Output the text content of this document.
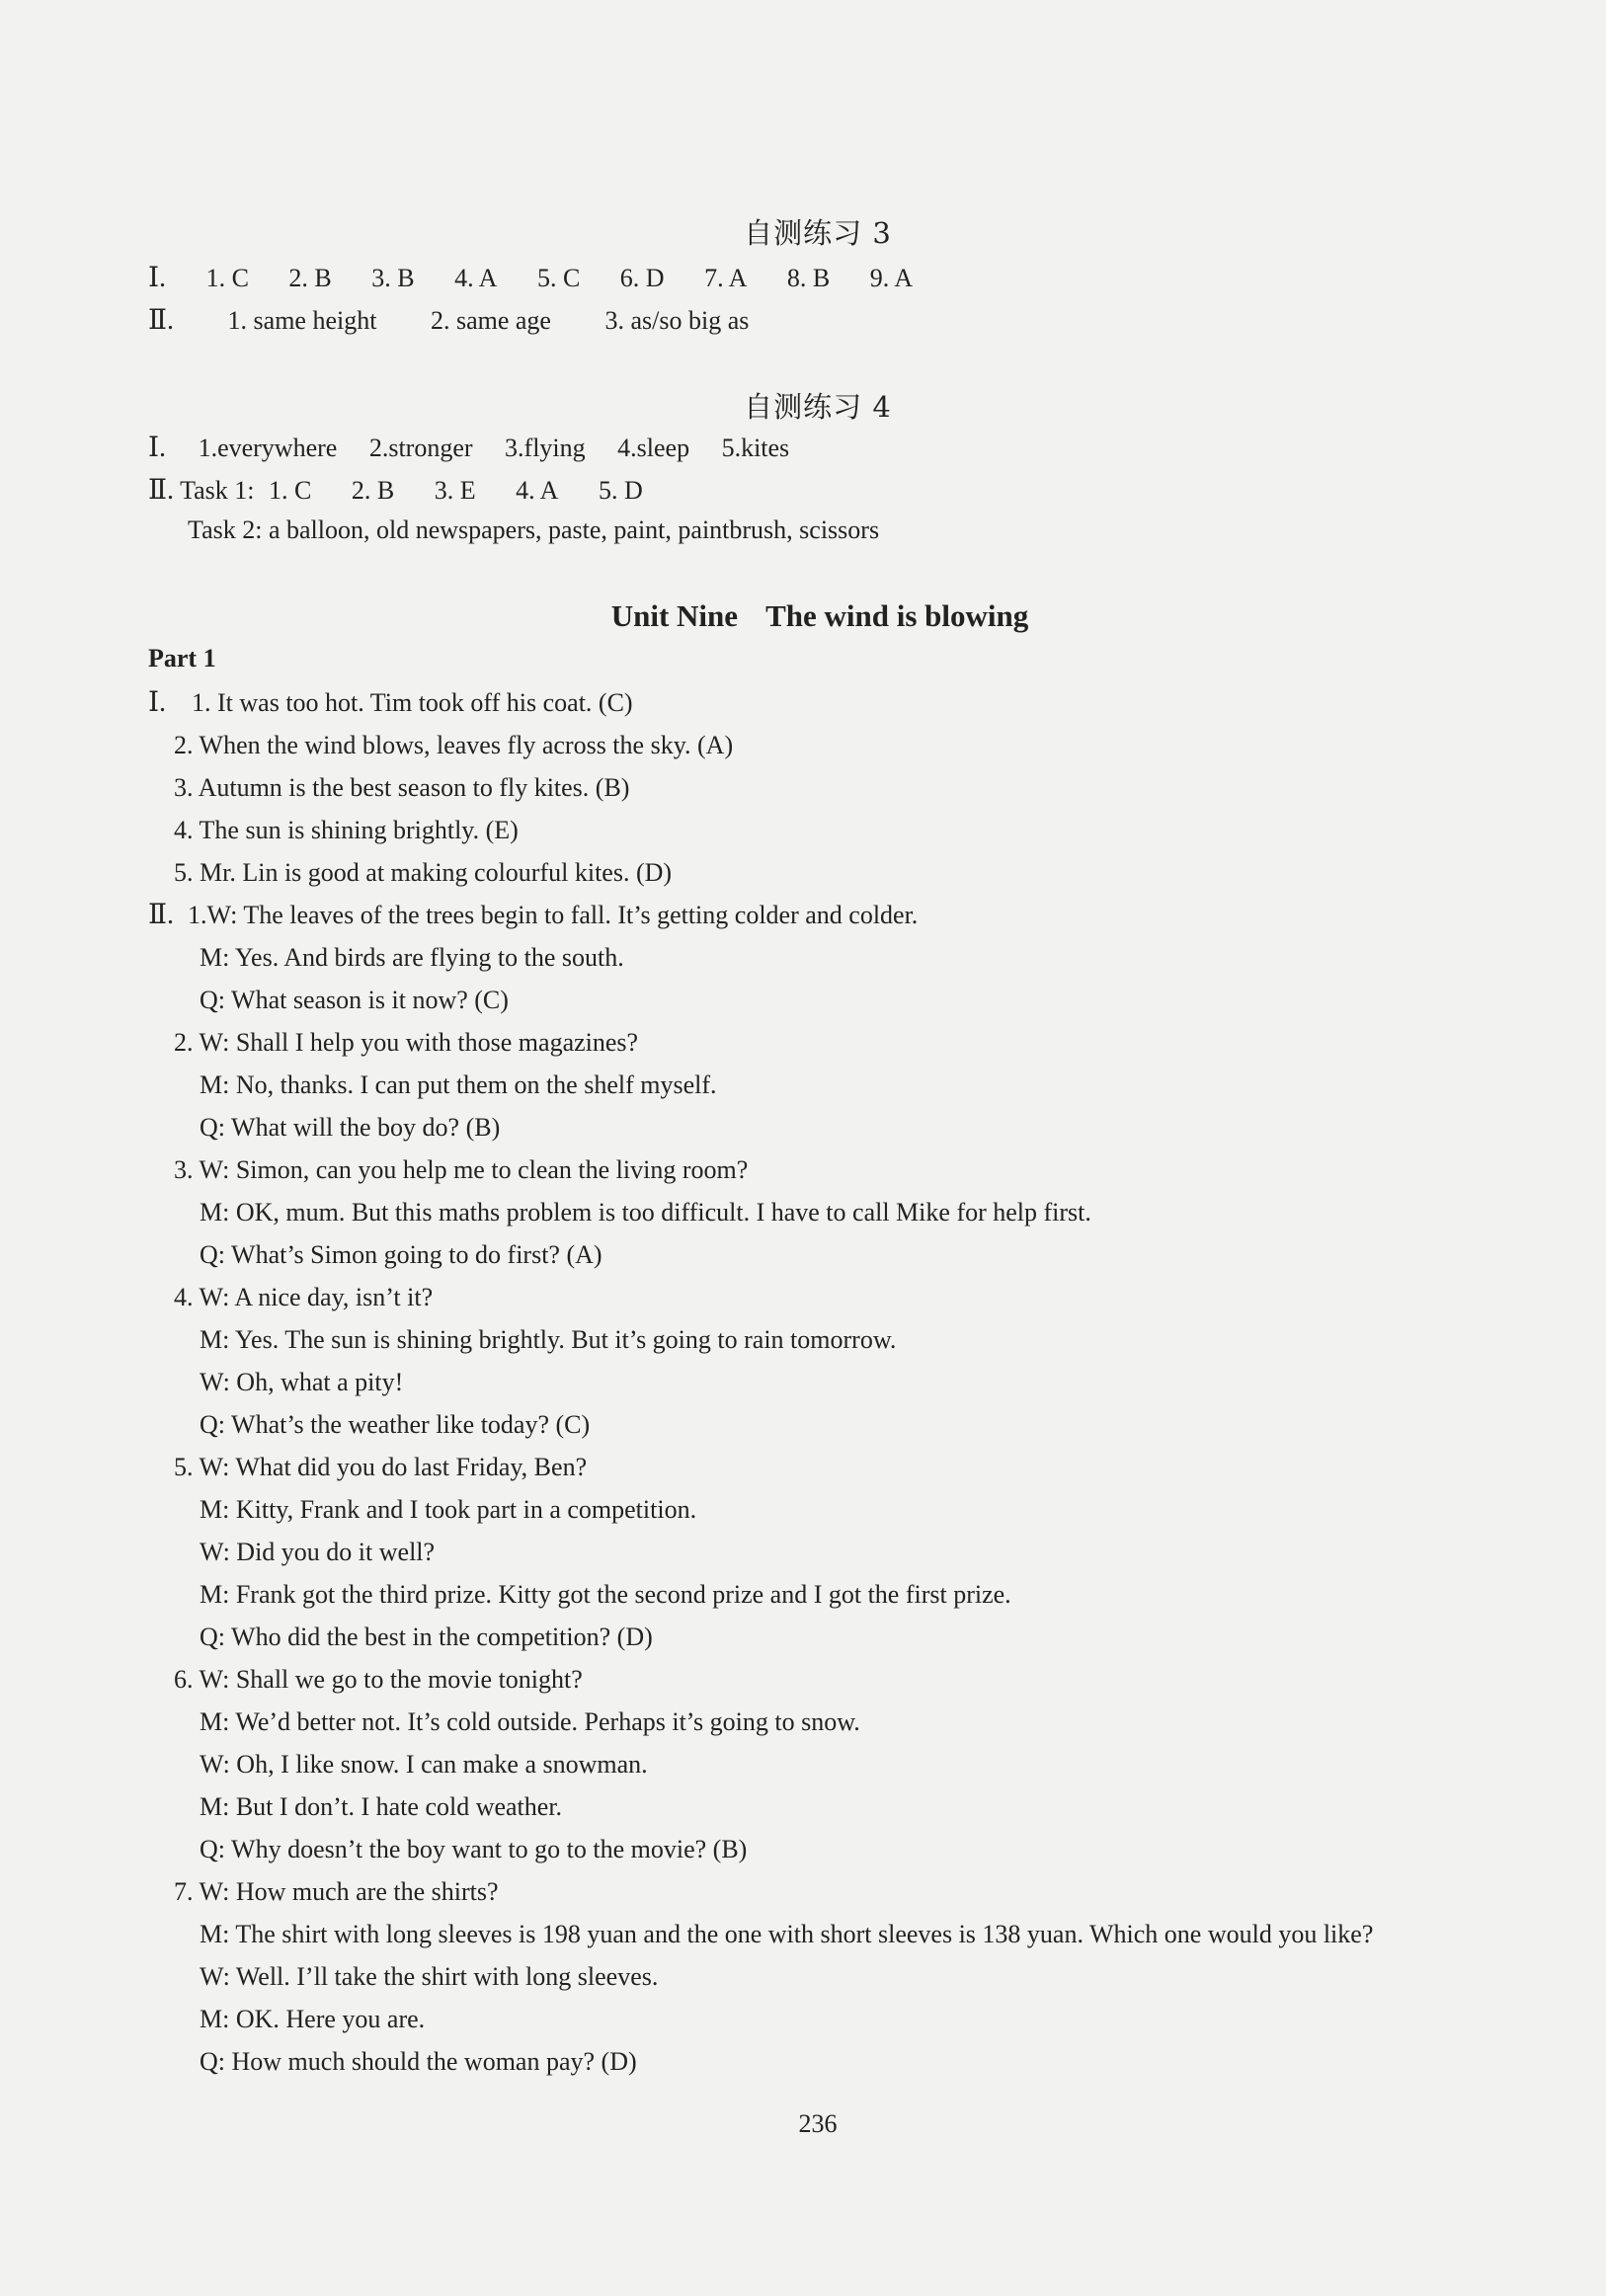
自测练习 3
Ⅰ. 1. C 2. B 3. B 4. A 5. C 6. D 7. A 8. B 9. A
Ⅱ. 1. same height 2. same age 3. as/so big as
自测练习 4
Ⅰ. 1.everywhere 2.stronger 3.flying 4.sleep 5.kites
Ⅱ. Task 1: 1. C 2. B 3. E 4. A 5. D
Task 2: a balloon, old newspapers, paste, paint, paintbrush, scissors
Unit Nine The wind is blowing
Part 1
Ⅰ. 1. It was too hot. Tim took off his coat. (C)
2. When the wind blows, leaves fly across the sky. (A)
3. Autumn is the best season to fly kites. (B)
4. The sun is shining brightly. (E)
5. Mr. Lin is good at making colourful kites. (D)
Ⅱ. 1.W: The leaves of the trees begin to fall. It’s getting colder and colder.
M: Yes. And birds are flying to the south.
Q: What season is it now? (C)
2. W: Shall I help you with those magazines?
M: No, thanks. I can put them on the shelf myself.
Q: What will the boy do? (B)
3. W: Simon, can you help me to clean the living room?
M: OK, mum. But this maths problem is too difficult. I have to call Mike for help first.
Q: What’s Simon going to do first? (A)
4. W: A nice day, isn’t it?
M: Yes. The sun is shining brightly. But it’s going to rain tomorrow.
W: Oh, what a pity!
Q: What’s the weather like today? (C)
5. W: What did you do last Friday, Ben?
M: Kitty, Frank and I took part in a competition.
W: Did you do it well?
M: Frank got the third prize. Kitty got the second prize and I got the first prize.
Q: Who did the best in the competition? (D)
6. W: Shall we go to the movie tonight?
M: We’d better not. It’s cold outside. Perhaps it’s going to snow.
W: Oh, I like snow. I can make a snowman.
M: But I don’t. I hate cold weather.
Q: Why doesn’t the boy want to go to the movie? (B)
7. W: How much are the shirts?
M: The shirt with long sleeves is 198 yuan and the one with short sleeves is 138 yuan. Which one would you like?
W: Well. I’ll take the shirt with long sleeves.
M: OK. Here you are.
Q: How much should the woman pay? (D)
236
